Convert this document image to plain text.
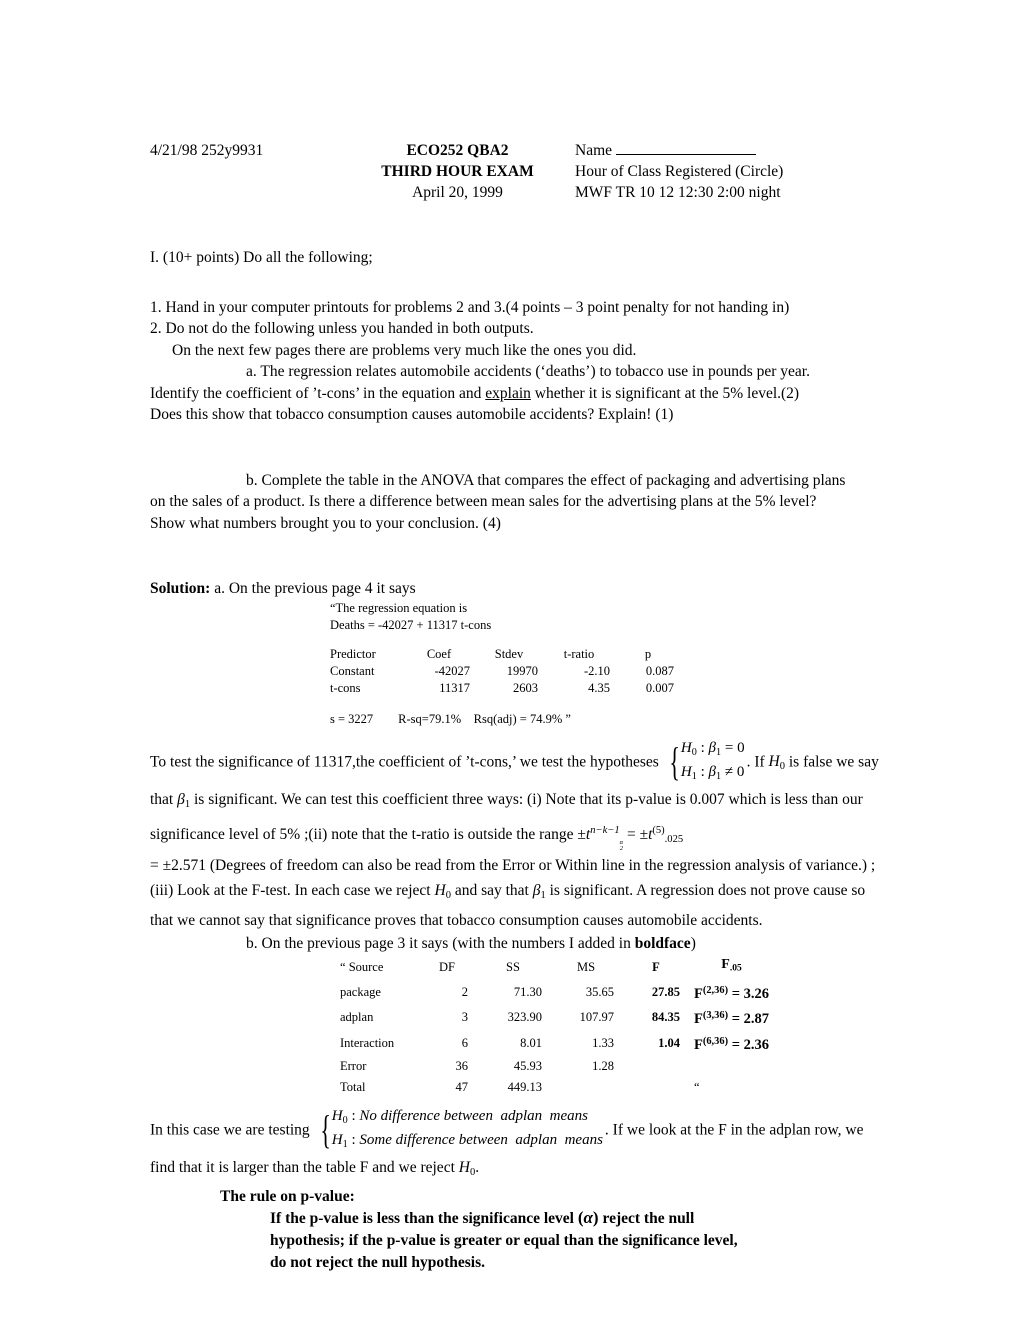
4/21/98 252y9931	ECO252 QBA2
THIRD HOUR EXAM
April 20, 1999
Name
Hour of Class Registered (Circle)
MWF TR 10 12 12:30 2:00 night
I. (10+ points) Do all the following;
1. Hand in your computer printouts for problems 2 and 3.(4 points – 3 point penalty for not handing in)
2. Do not do the following unless you handed in both outputs.
On the next few pages there are problems very much like the ones you did.
a. The regression relates automobile accidents (‘deaths’) to tobacco use in pounds per year.
Identify the coefficient of ’t-cons’ in the equation and explain whether it is significant at the 5% level.(2)
Does this show that tobacco consumption causes automobile accidents? Explain! (1)
b. Complete the table in the ANOVA that compares the effect of packaging and advertising plans
on the sales of a product. Is there a difference between mean sales for the advertising plans at the 5% level?
Show what numbers brought you to your conclusion. (4)
Solution: a. On the previous page 4 it says
“The regression equation is
Deaths = -42027 + 11317 t-cons
Predictor	Coef	Stdev	t-ratio	p
Constant	-42027	19970	-2.10	0.087
t-cons	11317	2603	4.35	0.007
s = 3227        R-sq=79.1%    Rsq(adj) = 74.9% ”
To test the significance of 11317,the coefficient of ’t-cons,’ we test the hypotheses { H0 : β1 = 0
H1 : β1 ≠ 0
. If H0 is false we say that β1 is significant. We can test this coefficient three ways: (i) Note that its p-value is 0.007 which is less than our significance level of 5% ;(ii) note that the t-ratio is outside the range $\pm t^{n-k-1}$
$_{\alpha 2}$
= $\pm t^{(5)}.025$
= ±2.571 (Degrees of freedom can also be read from the Error or Within line in the regression analysis of variance.) ; (iii) Look at the F-test. In each case we reject H0 and say that β1 is significant. A regression does not prove cause so that we cannot say that significance proves that tobacco consumption causes automobile accidents.
b. On the previous page 3 it says (with the numbers I added in boldface)
“ Source	DF	SS	MS	F	F.05
package	2	71.30	35.65	27.85	F$^{(2,36)}$ = 3.26
adplan	3	323.90	107.97	84.35	F$^{(3,36)}$ = 2.87
Interaction	6	8.01	1.33	1.04	F$^{(6,36)}$ = 2.36
Error	36	45.93	1.28		
Total	47	449.13			“
In this case we are testing { H0 : No difference between  adplan  means
H1 : Some difference between  adplan  means
. If we look at the F in the adplan row, we find that it is larger than the table F and we reject H0.
The rule on p-value:
If the p-value is less than the significance level (α) reject the null hypothesis; if the p-value is greater or equal than the significance level, do not reject the null hypothesis.
